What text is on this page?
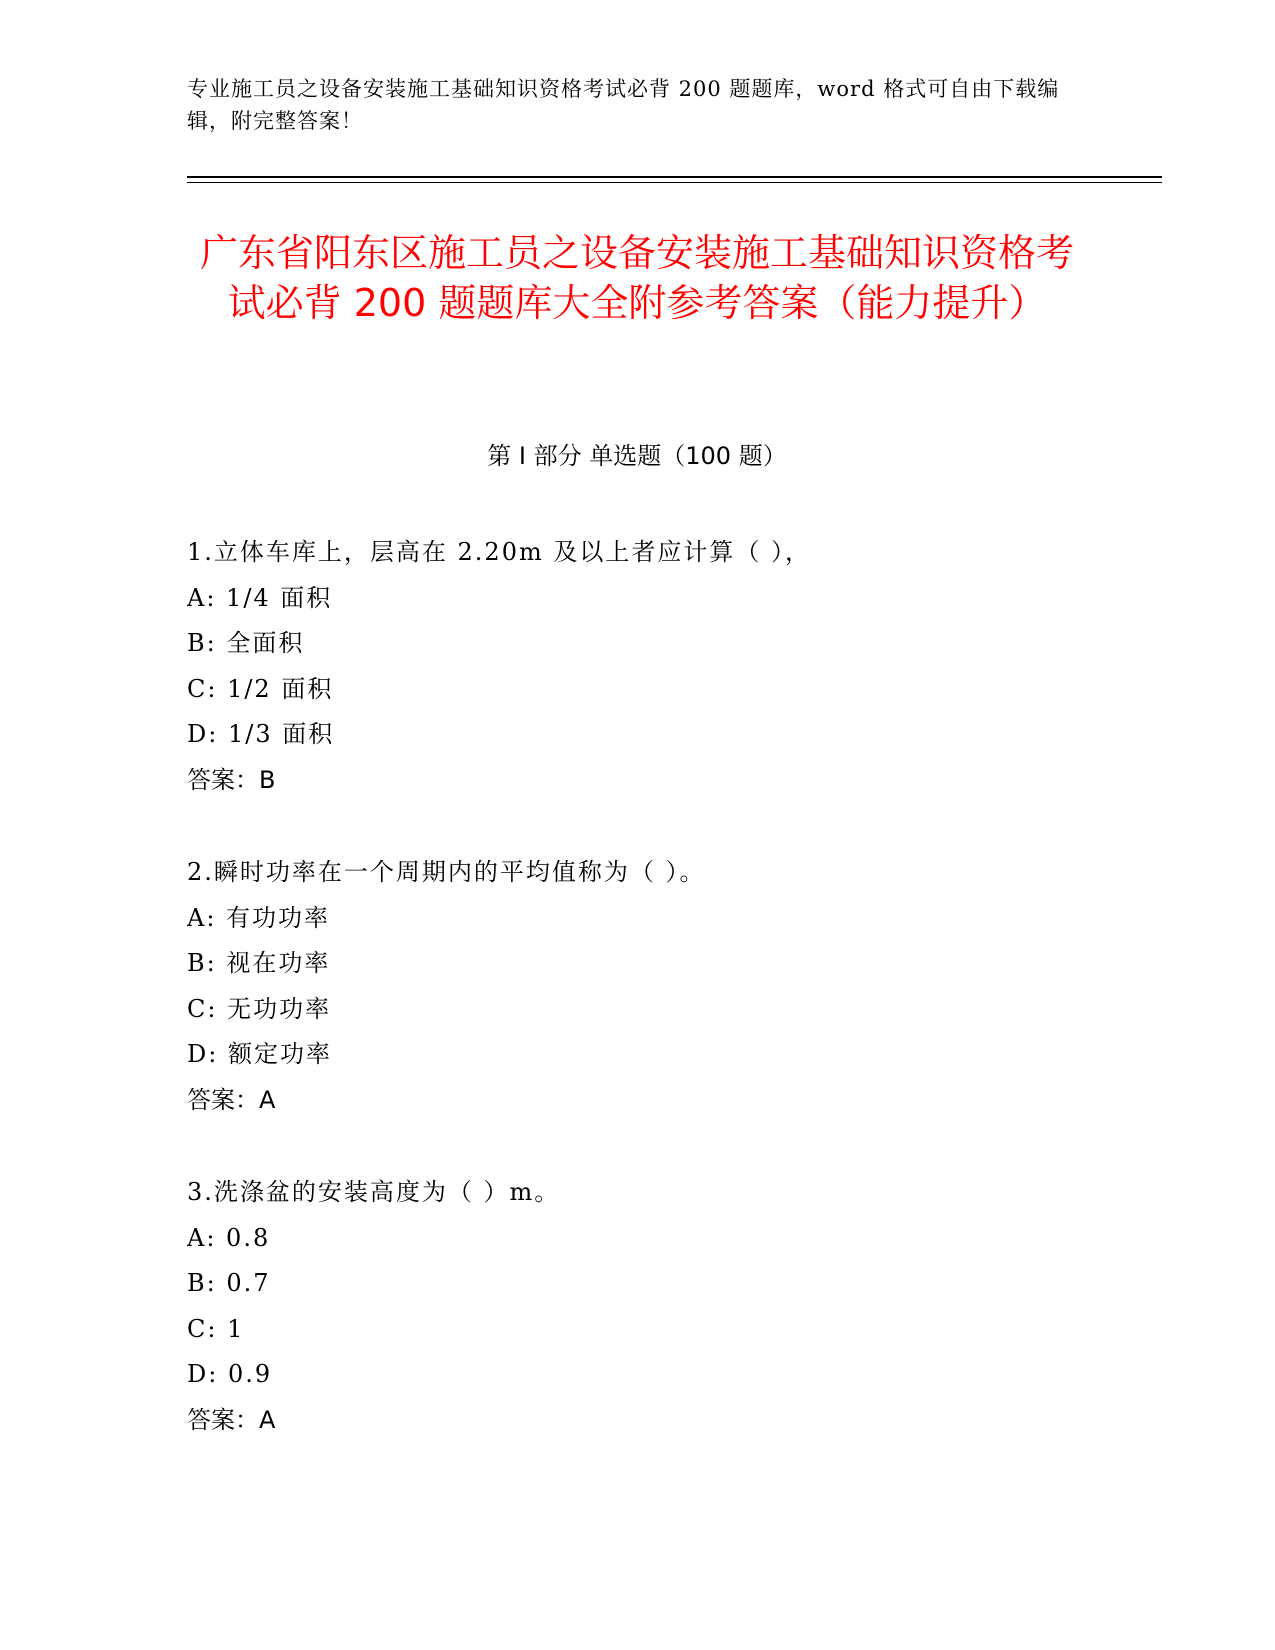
专业施工员之设备安装施工基础知识资格考试必背 200 题题库，word 格式可自由下载编辑，附完整答案！
广东省阳东区施工员之设备安装施工基础知识资格考试必背 200 题题库大全附参考答案（能力提升）
第 I 部分 单选题（100 题）
1.立体车库上，层高在 2.20m 及以上者应计算（ ），
A: 1/4 面积
B: 全面积
C: 1/2 面积
D: 1/3 面积
答案：B
2.瞬时功率在一个周期内的平均值称为（ ）。
A: 有功功率
B: 视在功率
C: 无功功率
D: 额定功率
答案：A
3.洗涤盆的安装高度为（ ）m。
A: 0.8
B: 0.7
C: 1
D: 0.9
答案：A
